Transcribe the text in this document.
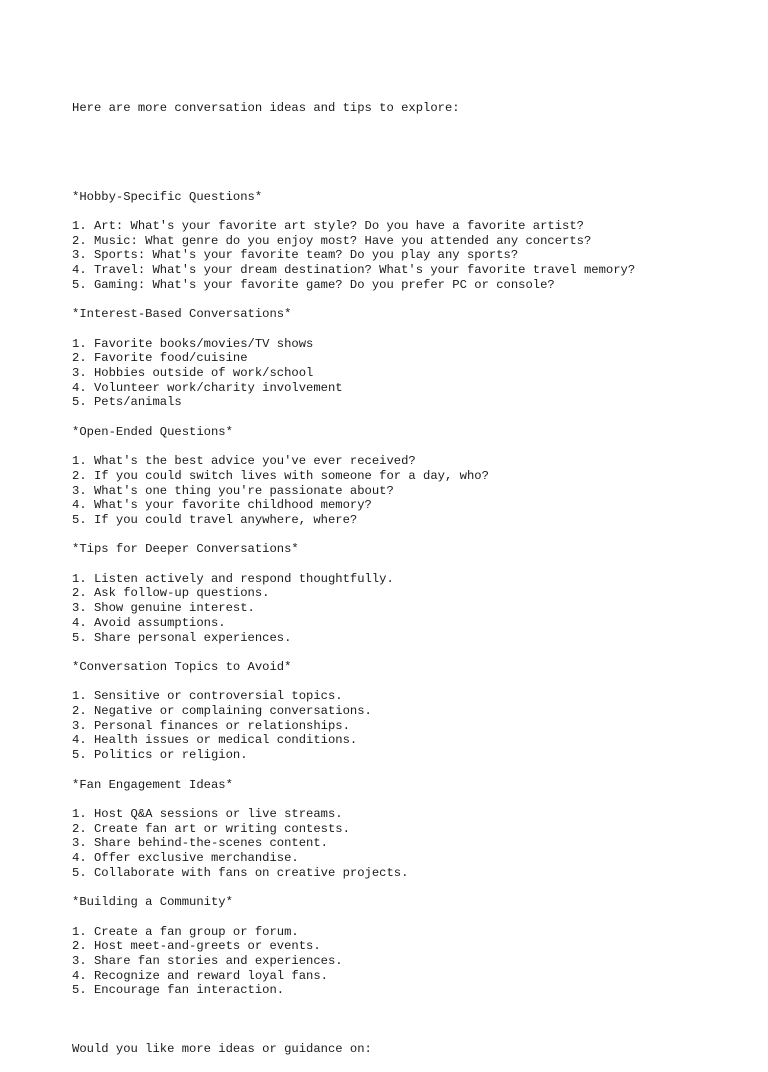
Here are more conversation ideas and tips to explore:

*Hobby-Specific Questions*

1. Art: What's your favorite art style? Do you have a favorite artist?
2. Music: What genre do you enjoy most? Have you attended any concerts?
3. Sports: What's your favorite team? Do you play any sports?
4. Travel: What's your dream destination? What's your favorite travel memory?
5. Gaming: What's your favorite game? Do you prefer PC or console?

*Interest-Based Conversations*

1. Favorite books/movies/TV shows
2. Favorite food/cuisine
3. Hobbies outside of work/school
4. Volunteer work/charity involvement
5. Pets/animals

*Open-Ended Questions*

1. What's the best advice you've ever received?
2. If you could switch lives with someone for a day, who?
3. What's one thing you're passionate about?
4. What's your favorite childhood memory?
5. If you could travel anywhere, where?

*Tips for Deeper Conversations*

1. Listen actively and respond thoughtfully.
2. Ask follow-up questions.
3. Show genuine interest.
4. Avoid assumptions.
5. Share personal experiences.

*Conversation Topics to Avoid*

1. Sensitive or controversial topics.
2. Negative or complaining conversations.
3. Personal finances or relationships.
4. Health issues or medical conditions.
5. Politics or religion.

*Fan Engagement Ideas*

1. Host Q&A sessions or live streams.
2. Create fan art or writing contests.
3. Share behind-the-scenes content.
4. Offer exclusive merchandise.
5. Collaborate with fans on creative projects.

*Building a Community*

1. Create a fan group or forum.
2. Host meet-and-greets or events.
3. Share fan stories and experiences.
4. Recognize and reward loyal fans.
5. Encourage fan interaction.

Would you like more ideas or guidance on:
